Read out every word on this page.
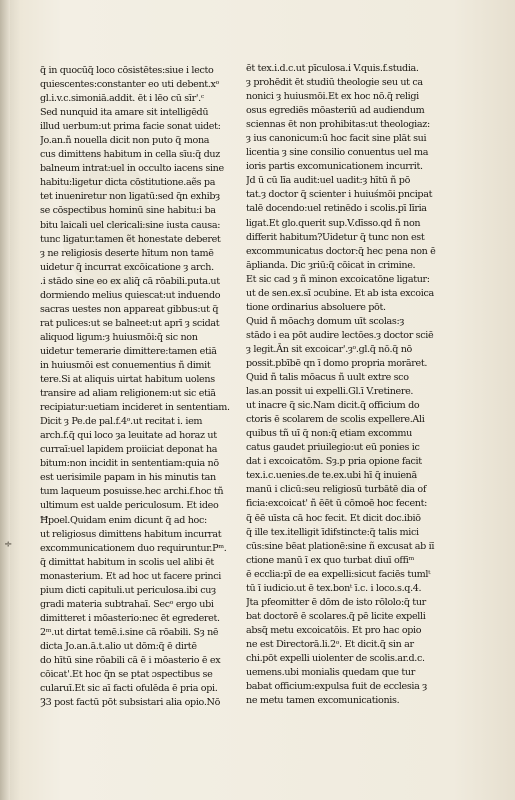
q̃ in quocūq̃ loco cōsistētes:siue i lecto
quiescentes:constanter eo uti debent.xᵒ
gl.i.v.c.simoniā.addit. ēt i lēo cū sīr'.ᶜ
Sed nunquid ita amare sit intelligēdū
illud uerbum:ut prima facie sonat uidet:
Jo.an.ñ nouella dicit non puto q̃ mona
cus dimittens habitum in cella sīu:q̃ duz
balneum intrat:uel in occulto iacens sine
habitu:ligetur dicta cōstitutione.aẽs pa
tet inueniretur non ligatū:sed q̃n exhibȝ
se cōspectibus hominū sine habitu:i ba
bitu laicali uel clericali:sine iusta causa:
tunc ligatur.tamen ẽt honestate deberet
ȝ ne religiosis deserte hītum non tamē
uidetur q̃ incurrat excōicatione ȝ arch.
.i stādo sine eo ex aliq̃ cā rōabili.puta.ut
dormiendo melius quiescat:ut induendo
sacras uestes non appareat gibbus:ut q̃
rat pulices:ut se balneet:ut aprī ȝ scidat
aliquod ligum:ȝ huiusmōi:q̃ sic non
uidetur temerarie dimittere:tamen etiā
in huiusmōi est conuementius ñ dimit
tere.Si at aliquis uirtat habitum uolens
transire ad aliam religionem:ut sic etiā
recipiatur:uetiam incideret in sententiam.
Dicit ȝ Pe.de pal.f.4ᵒ.ut recitat i. iem
arch.f.q̃ qui loco ȝa leuitate ad horaz ut
curraī:uel lapidem proiiciat deponat ha
bitum:non incidit in sententiam:quia nō
est uerisimile papam in his minutis tan
tum laqueum posuisse.hec archi.f.hoc tñ
ultimum est ualde periculosum. Et ideo
Ħpoel.Quidam enim dicunt q̃ ad hoc:
ut religiosus dimittens habitum incurrat
excommunicationem duo requiruntur.Pᵐ.
q̃ dimittat habitum in scolis uel alibi ēt
monasterium. Et ad hoc ut facere princi
pium dicti capituli.ut periculosa.ibi cuȝ
gradi materia subtrahaī. Secᵒ ergo ubi
dimitteret i mōasterio:nec ēt egrederet.
2ᵐ.ut dirtat temē.i.sine cā rōabili. Sȝ nē
dicta Jo.an.ā.t.alio ut dōm:q̃ ē dirtē
do hītū sine rōabili cā ē i mōasterio ē ex
cōicat'.Et hoc q̃n se ptat ɔspectibus se
cularuī.Et sic aī facti ofulēda ē pria opi.
Ȝ3 post factū pōt subsistari alia opio.Nō
ēt tex.i.d.c.ut pīculosa.i V.quis.f.studia.
ȝ prohēdit ēt studiū theologie seu ut ca
nonici ȝ huiusmōi.Et ex hoc nō.q̃ religi
osus egrediēs mōasteriū ad audiendum
sciennas ēt non prohibitas:ut theologiaz:
ȝ ius canonicum:ū hoc facit sine plāt sui
licentia ȝ sine consilio conuentus uel ma
ioris partis excomunicationem incurrit.
Jd ū cū līa audit:uel uadit:ȝ hītū ñ pō
tat.ȝ doctor q̃ scienter i huiuśmōi pncipat
talē docendo:uel retinēdo i scolis.pī līria
ligat.Et glo.querit sup.V.dīsso.qd ñ non
differit habitum?Uidetur q̃ tunc non est
excommunicatus doctor:q̃ hec pena non ē
āplianda. Dic ȝriū:q̃ cōicat in crimine.
Et sic cad ȝ ñ minon excoicatōne ligatur:
ut de sen.ex.sī ɔcubine. Et ab ista excoica
tione ordinarius absoluere pōt.
Quid ñ mōachȝ domum uīt scolas:ȝ
stādo i ea pōt audire lectōes.ȝ doctor sciē
ȝ legit.Ān sit excoicar'.ȝᵒ.gl.q̃ nō.q̃ nō
possit.pbībē qn ī domo propria morāret.
Quid ñ talis mōacus ñ uult extre sco
las.an possit ui expelli.Gl.ī V.retinere.
ut inacre q̃ sic.Nam dicit.q̃ officium do
ctoris ē scolarem de scolis expellere.Ali
quibus tñ uī q̃ non:q̃ etiam excommu
catus gaudet priuilegio:ut eū ponies ic
dat i excoicatōm. Sȝ.p pria opione facit
tex.i.c.uenies.de te.ex.ubi hī q̃ inuienā
manū i clicū:seu religiosū turbātē dia of
ficia:excoicat' ñ ēēt ū cōmoē hoc fecent:
q̃ ēē uīsta cā hoc fecit. Et dicit doc.ibiō
q̃ ille tex.itelligit īdifstincte:q̃ talis mici
cūs:sine bēat plationē:sine ñ excusat ab iī
ctione manū ī ex quo turbat diuī offiᵐ
ē ecclia:pī de ea expelli:sicut faciēs tumlᵗ
tū ī iudicio.ut ē tex.bonᵗ ī.c. i loco.s.q.4.
Jta pfeomitter ē dōm de isto rōlolo:q̃ tur
bat doctorē ē scolares.q̃ pē licite expelli
absq̃ metu excoicatōis. Et pro hac opio
ne est Directorā.li.2ᵒ. Et dicit.q̃ sin ar
chi.pōt expelli uiolenter de scolis.ar.d.c.
uemens.ubi monialis quedam que tur
babat officium:expulsa fuit de ecclesia ȝ
ne metu tamen excomunicationis.
÷
